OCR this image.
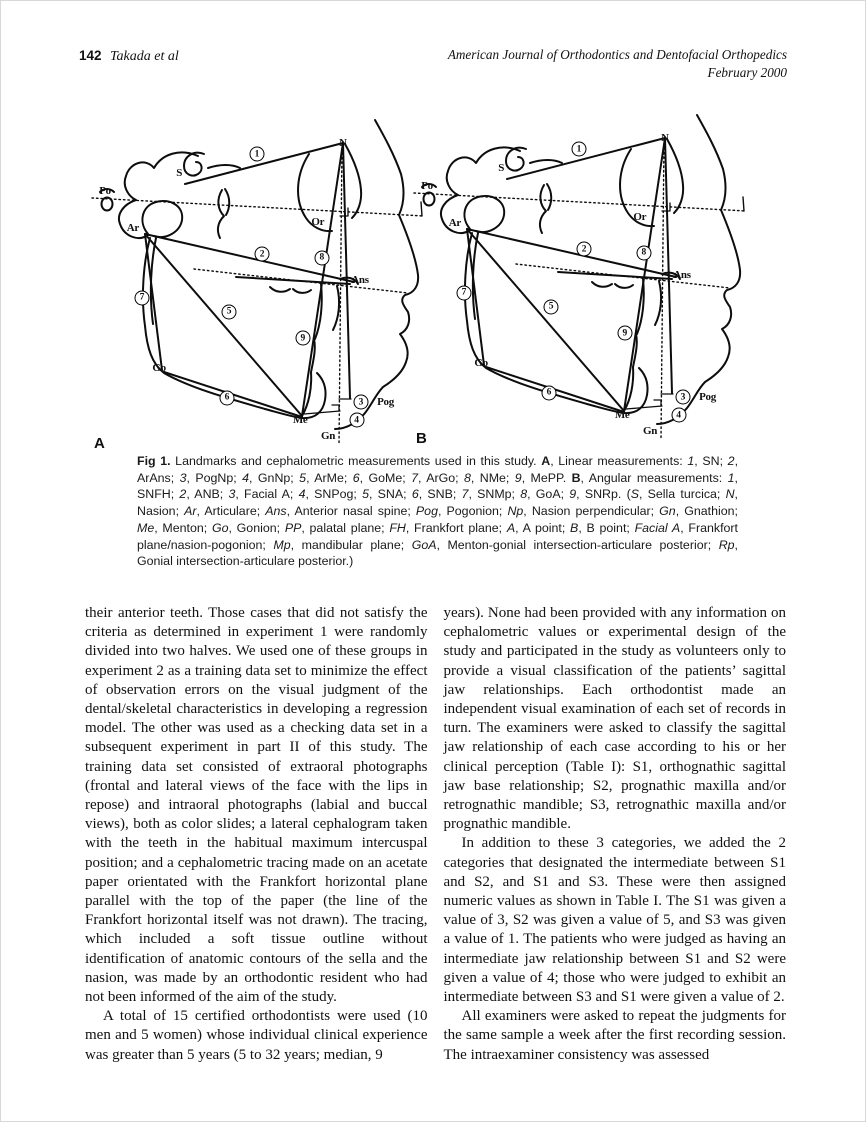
142 Takada et al	American Journal of Orthodontics and Dentofacial Orthopedics
February 2000
N
1
S
Po
Or
Ar
2	8
Ans
7
5
9
Go
6	3	Pog
Me	4
Gn
A
N
1
S
Po
Or
Ar
2	8
Ans
7
5
9
Go
6	3	Pog
Me	4
Gn
B
Fig 1. Landmarks and cephalometric measurements used in this study. A, Linear measurements: 1, SN; 2, ArAns; 3, PogNp; 4, GnNp; 5, ArMe; 6, GoMe; 7, ArGo; 8, NMe; 9, MePP. B, Angular measurements: 1, SNFH; 2, ANB; 3, Facial A; 4, SNPog; 5, SNA; 6, SNB; 7, SNMp; 8, GoA; 9, SNRp. (S, Sella turcica; N, Nasion; Ar, Articulare; Ans, Anterior nasal spine; Pog, Pogonion; Np, Nasion perpendicular; Gn, Gnathion; Me, Menton; Go, Gonion; PP, palatal plane; FH, Frankfort plane; A, A point; B, B point; Facial A, Frankfort plane/nasion-pogonion; Mp, mandibular plane; GoA, Menton-gonial intersection-articulare posterior; Rp, Gonial intersection-articulare posterior.)

their anterior teeth. Those cases that did not satisfy the criteria as determined in experiment 1 were randomly divided into two halves. We used one of these groups in experiment 2 as a training data set to minimize the effect of observation errors on the visual judgment of the dental/skeletal characteristics in developing a regression model. The other was used as a checking data set in a subsequent experiment in part II of this study. The training data set consisted of extraoral photographs (frontal and lateral views of the face with the lips in repose) and intraoral photographs (labial and buccal views), both as color slides; a lateral cephalogram taken with the teeth in the habitual maximum intercuspal position; and a cephalometric tracing made on an acetate paper orientated with the Frankfort horizontal plane parallel with the top of the paper (the line of the Frankfort horizontal itself was not drawn). The tracing, which included a soft tissue outline without identification of anatomic contours of the sella and the nasion, was made by an orthodontic resident who had not been informed of the aim of the study.

A total of 15 certified orthodontists were used (10 men and 5 women) whose individual clinical experience was greater than 5 years (5 to 32 years; median, 9

years). None had been provided with any information on cephalometric values or experimental design of the study and participated in the study as volunteers only to provide a visual classification of the patients’ sagittal jaw relationships. Each orthodontist made an independent visual examination of each set of records in turn. The examiners were asked to classify the sagittal jaw relationship of each case according to his or her clinical perception (Table I): S1, orthognathic sagittal jaw base relationship; S2, prognathic maxilla and/or retrognathic mandible; S3, retrognathic maxilla and/or prognathic mandible.

In addition to these 3 categories, we added the 2 categories that designated the intermediate between S1 and S2, and S1 and S3. These were then assigned numeric values as shown in Table I. The S1 was given a value of 3, S2 was given a value of 5, and S3 was given a value of 1. The patients who were judged as having an intermediate jaw relationship between S1 and S2 were given a value of 4; those who were judged to exhibit an intermediate between S3 and S1 were given a value of 2.

All examiners were asked to repeat the judgments for the same sample a week after the first recording session. The intraexaminer consistency was assessed
